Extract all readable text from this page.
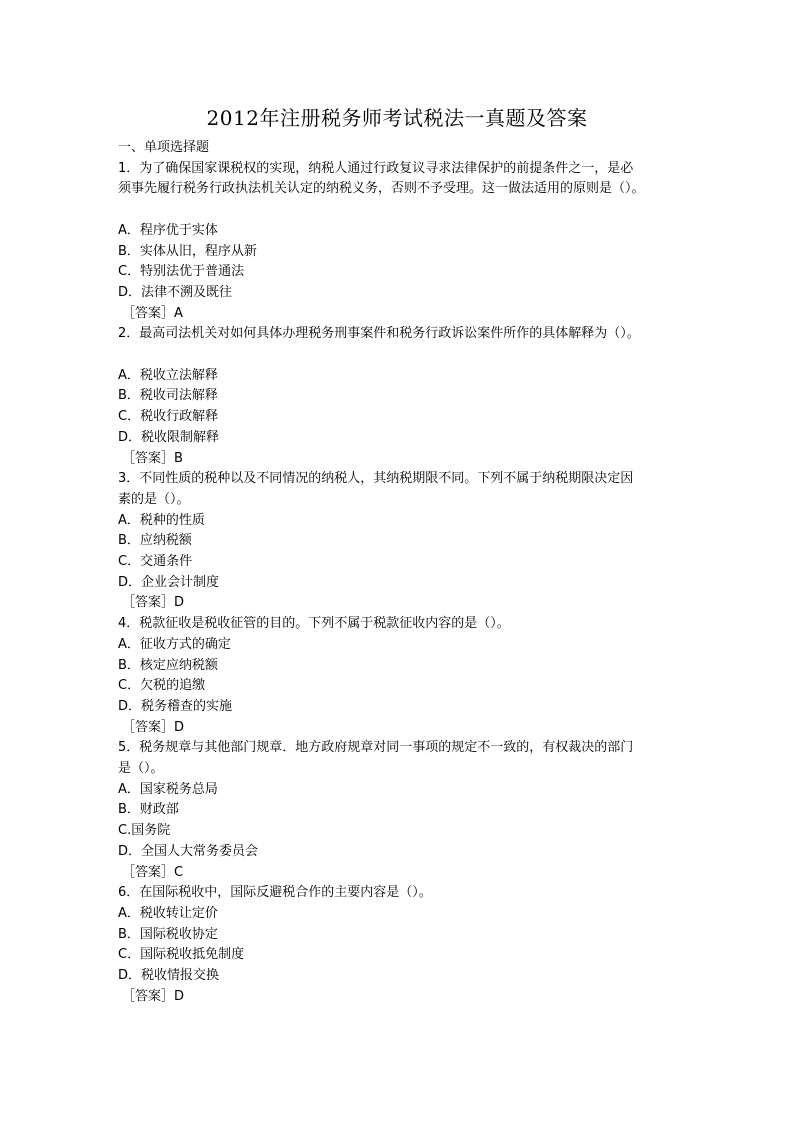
2012年注册税务师考试税法一真题及答案

一、单项选择题

1．为了确保国家课税权的实现，纳税人通过行政复议寻求法律保护的前提条件之一，是必

须事先履行税务行政执法机关认定的纳税义务，否则不予受理。这一做法适用的原则是（）。

A．程序优于实体

B．实体从旧，程序从新

C．特别法优于普通法

D．法律不溯及既往

［答案］A

2．最高司法机关对如何具体办理税务刑事案件和税务行政诉讼案件所作的具体解释为（）。

A．税收立法解释

B．税收司法解释

C．税收行政解释

D．税收限制解释

［答案］B

3．不同性质的税种以及不同情况的纳税人，其纳税期限不同。下列不属于纳税期限决定因

素的是（）。

A．税种的性质

B．应纳税额

C．交通条件

D．企业会计制度

［答案］D

4．税款征收是税收征管的目的。下列不属于税款征收内容的是（）。

A．征收方式的确定

B．核定应纳税额

C．欠税的追缴

D．税务稽查的实施

［答案］D

5．税务规章与其他部门规章．地方政府规章对同一事项的规定不一致的，有权裁决的部门

是（）。

A．国家税务总局

B．财政部

C.国务院

D．全国人大常务委员会

［答案］C

6．在国际税收中，国际反避税合作的主要内容是（）。

A．税收转让定价

B．国际税收协定

C．国际税收抵免制度

D．税收情报交换

［答案］D
